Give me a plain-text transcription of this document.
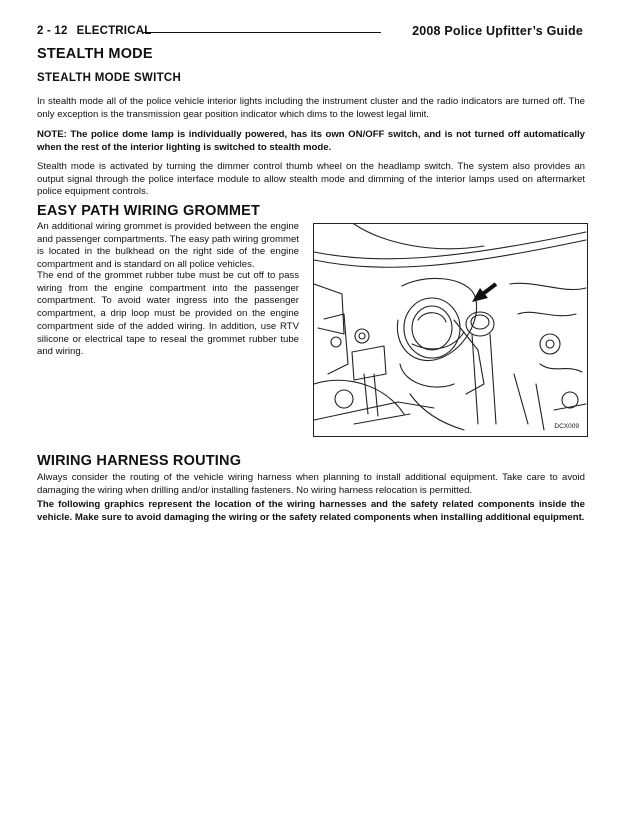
2 - 12 ELECTRICAL	2008 Police Upfitter’s Guide
STEALTH MODE
STEALTH MODE SWITCH
In stealth mode all of the police vehicle interior lights including the instrument cluster and the radio indicators are turned off. The only exception is the transmission gear position indicator which dims to the lowest legal limit.
NOTE: The police dome lamp is individually powered, has its own ON/OFF switch, and is not turned off automatically when the rest of the interior lighting is switched to stealth mode.
Stealth mode is activated by turning the dimmer control thumb wheel on the headlamp switch. The system also provides an output signal through the police interface module to allow stealth mode and dimming of the interior lamps used on aftermarket police equipment controls.
EASY PATH WIRING GROMMET
An additional wiring grommet is provided between the engine and passenger compartments. The easy path wiring grommet is located in the bulkhead on the right side of the engine compartment and is standard on all police vehicles.
The end of the grommet rubber tube must be cut off to pass wiring from the engine compartment into the passenger compartment. To avoid water ingress into the passenger compartment, a drip loop must be provided on the engine compartment side of the added wiring. In addition, use RTV silicone or electrical tape to reseal the grommet rubber tube and wiring.
DCX009
WIRING HARNESS ROUTING
Always consider the routing of the vehicle wiring harness when planning to install additional equipment. Take care to avoid damaging the wiring when drilling and/or installing fasteners. No wiring harness relocation is permitted.
The following graphics represent the location of the wiring harnesses and the safety related components inside the vehicle. Make sure to avoid damaging the wiring or the safety related components when installing additional equipment.
